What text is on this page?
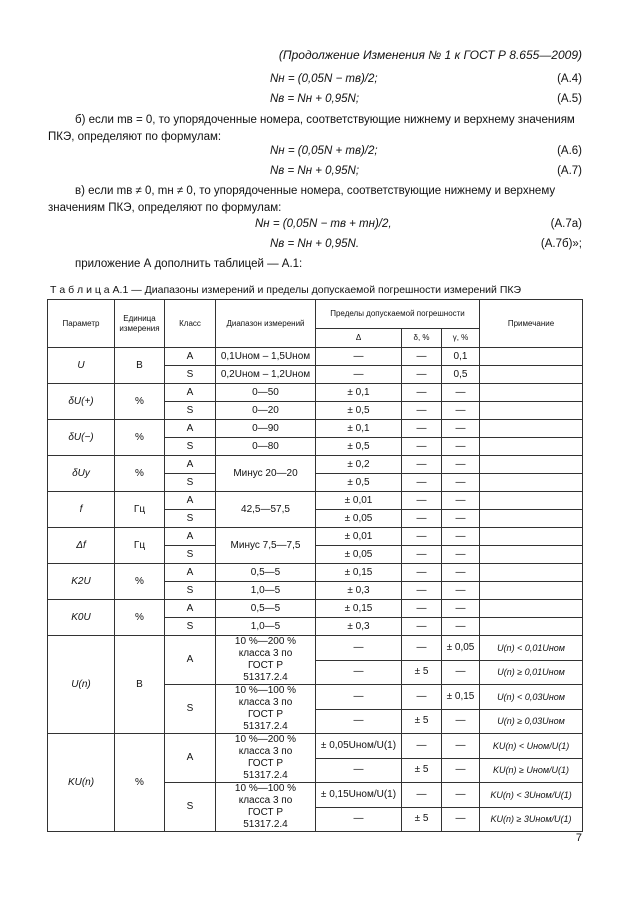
(Продолжение Изменения № 1 к ГОСТ Р 8.655—2009)
Nн = (0,05N − mв)/2;	(А.4)
Nв = Nн + 0,95N;	(А.5)
б) если mв = 0, то упорядоченные номера, соответствующие нижнему и верхнему значениям ПКЭ, определяют по формулам:
Nн = (0,05N + mв)/2;	(А.6)
Nв = Nн + 0,95N;	(А.7)
в) если mв ≠ 0, mн ≠ 0, то упорядоченные номера, соответствующие нижнему и верхнему значениям ПКЭ, определяют по формулам:
Nн = (0,05N − mв + mн)/2,	(А.7а)
Nв = Nн + 0,95N.	(А.7б)»;
приложение А дополнить таблицей — А.1:
Т а б л и ц а А.1 — Диапазоны измерений и пределы допускаемой погрешности измерений ПКЭ
Параметр	Единица измерения	Класс	Диапазон измерений	Пределы допускаемой погрешности			Примечание
				Δ	δ, %	γ, %	
U	В	A	0,1Uном – 1,5Uном	—	—	0,1	
		S	0,2Uном – 1,2Uном	—	—	0,5	
δU(+)	%	A	0—50	± 0,1	—	—	
		S	0—20	± 0,5	—	—	
δU(−)	%	A	0—90	± 0,1	—	—	
		S	0—80	± 0,5	—	—	
δUу	%	A	Минус 20—20	± 0,2	—	—	
		S		± 0,5	—	—	
f	Гц	A	42,5—57,5	± 0,01	—	—	
		S		± 0,05	—	—	
Δf	Гц	A	Минус 7,5—7,5	± 0,01	—	—	
		S		± 0,05	—	—	
K2U	%	A	0,5—5	± 0,15	—	—	
		S	1,0—5	± 0,3	—	—	
K0U	%	A	0,5—5	± 0,15	—	—	
		S	1,0—5	± 0,3	—	—	
U(n)	В	A	10 %—200 % класса 3 по ГОСТ Р 51317.2.4	—	—	± 0,05	U(n) < 0,01Uном
				—	± 5	—	U(n) ≥ 0,01Uном
		S	10 %—100 % класса 3 по ГОСТ Р 51317.2.4	—	—	± 0,15	U(n) < 0,03Uном
				—	± 5	—	U(n) ≥ 0,03Uном
KU(n)	%	A	10 %—200 % класса 3 по ГОСТ Р 51317.2.4	± 0,05Uном/U(1)	—	—	KU(n) < Uном/U(1)
				—	± 5	—	KU(n) ≥ Uном/U(1)
		S	10 %—100 % класса 3 по ГОСТ Р 51317.2.4	± 0,15Uном/U(1)	—	—	KU(n) < 3Uном/U(1)
				—	± 5	—	KU(n) ≥ 3Uном/U(1)
7
